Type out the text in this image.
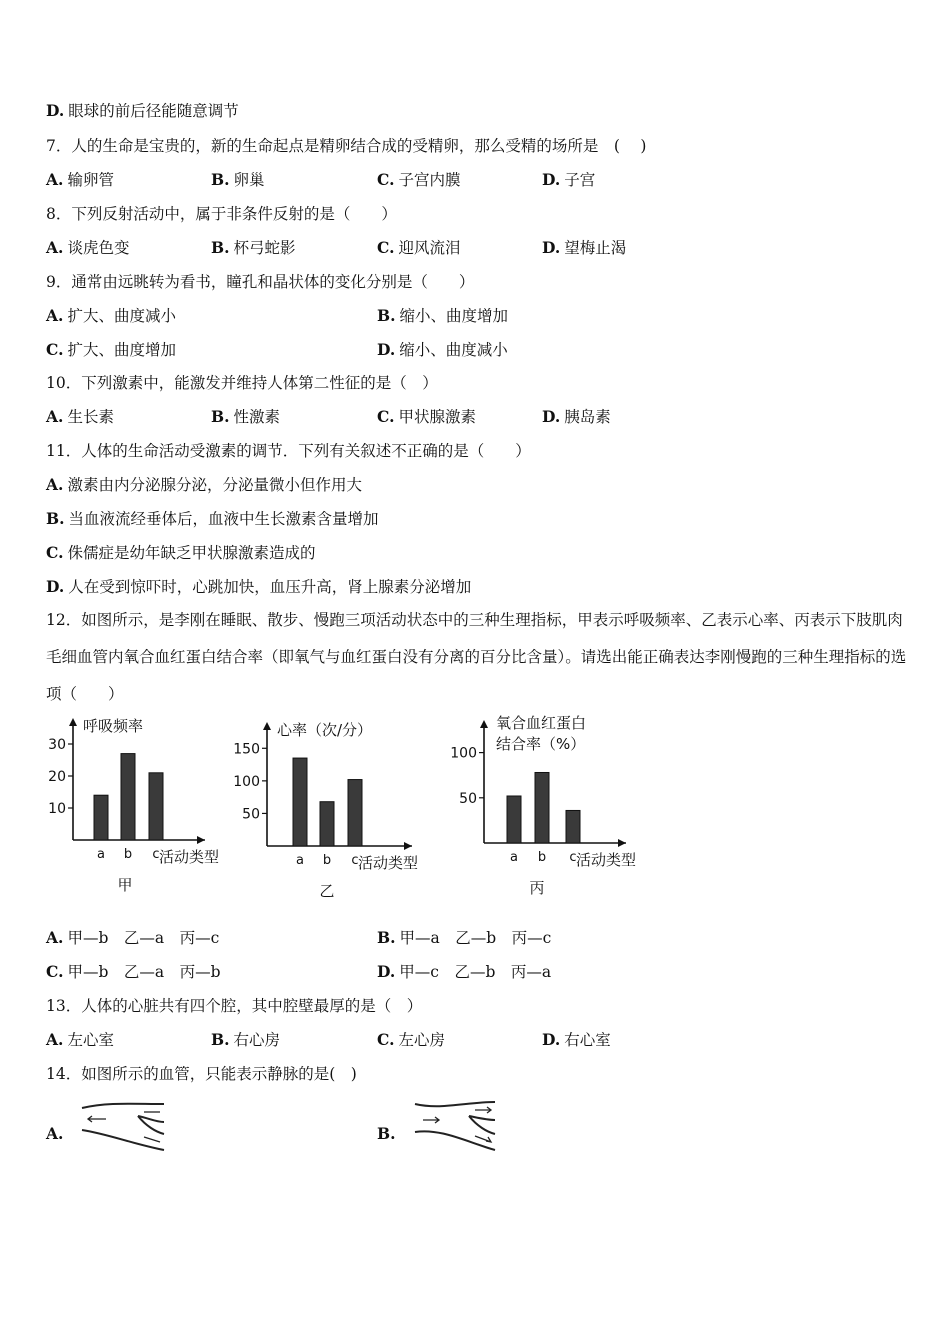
D. 眼球的前后径能随意调节
7．人的生命是宝贵的，新的生命起点是精卵结合成的受精卵，那么受精的场所是　(　 )
A. 输卵管	B. 卵巢	C. 子宫内膜	D. 子宫
8．下列反射活动中，属于非条件反射的是（　　）
A. 谈虎色变	B. 杯弓蛇影	C. 迎风流泪	D. 望梅止渴
9．通常由远眺转为看书，瞳孔和晶状体的变化分别是（　　）
A. 扩大、曲度减小	B. 缩小、曲度增加
C. 扩大、曲度增加	D. 缩小、曲度减小
10．下列激素中，能激发并维持人体第二性征的是（　）
A. 生长素	B. 性激素	C. 甲状腺激素	D. 胰岛素
11．人体的生命活动受激素的调节．下列有关叙述不正确的是（　　）
A. 激素由内分泌腺分泌，分泌量微小但作用大
B. 当血液流经垂体后，血液中生长激素含量增加
C. 侏儒症是幼年缺乏甲状腺激素造成的
D. 人在受到惊吓时，心跳加快，血压升高，肾上腺素分泌增加
12．如图所示，是李刚在睡眠、散步、慢跑三项活动状态中的三种生理指标，甲表示呼吸频率、乙表示心率、丙表示下肢肌肉毛细血管内氧合血红蛋白结合率（即氧气与血红蛋白没有分离的百分比含量）。请选出能正确表达李刚慢跑的三种生理指标的选项（　　）
10
20
30
a b c 活动类型
呼吸频率
甲
50
100
150
a b c 活动类型
心率（次/分）
乙
50
100
a b c 活动类型
氧合血红蛋白
结合率（%）
丙
A. 甲—b　乙—a　丙—c	B. 甲—a　乙—b　丙—c
C. 甲—b　乙—a　丙—b	D. 甲—c　乙—b　丙—a
13．人体的心脏共有四个腔，其中腔壁最厚的是（　）
A. 左心室	B. 右心房	C. 左心房	D. 右心室
14．如图所示的血管，只能表示静脉的是(　)
A.	B.
